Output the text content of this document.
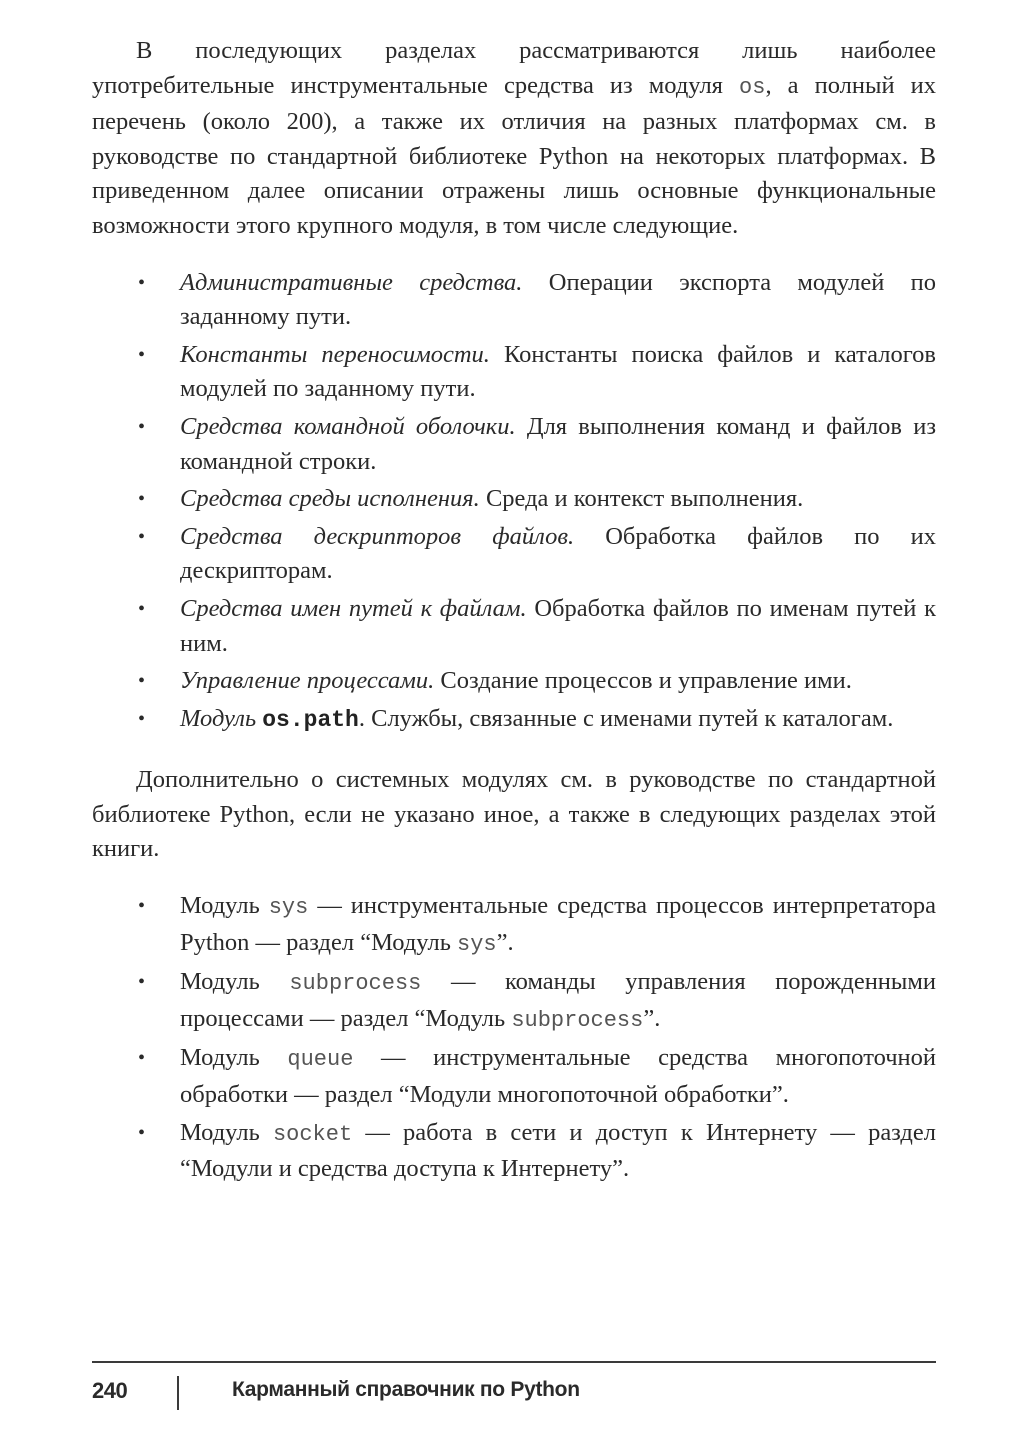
В последующих разделах рассматриваются лишь наиболее употребительные инструментальные средства из модуля os, а полный их перечень (около 200), а также их отличия на разных платформах см. в руководстве по стандартной библиотеке Python на некоторых платформах. В приведенном далее описании отражены лишь основные функциональные возможности этого крупного модуля, в том числе следующие.

• Административные средства. Операции экспорта модулей по заданному пути.
• Константы переносимости. Константы поиска файлов и каталогов модулей по заданному пути.
• Средства командной оболочки. Для выполнения команд и файлов из командной строки.
• Средства среды исполнения. Среда и контекст выполнения.
• Средства дескрипторов файлов. Обработка файлов по их дескрипторам.
• Средства имен путей к файлам. Обработка файлов по именам путей к ним.
• Управление процессами. Создание процессов и управление ими.
• Модуль os.path. Службы, связанные с именами путей к каталогам.

Дополнительно о системных модулях см. в руководстве по стандартной библиотеке Python, если не указано иное, а также в следующих разделах этой книги.

• Модуль sys — инструментальные средства процессов интерпретатора Python — раздел “Модуль sys”.
• Модуль subprocess — команды управления порожденными процессами — раздел “Модуль subprocess”.
• Модуль queue — инструментальные средства многопоточной обработки — раздел “Модули многопоточной обработки”.
• Модуль socket — работа в сети и доступ к Интернету — раздел “Модули и средства доступа к Интернету”.
240	Карманный справочник по Python
